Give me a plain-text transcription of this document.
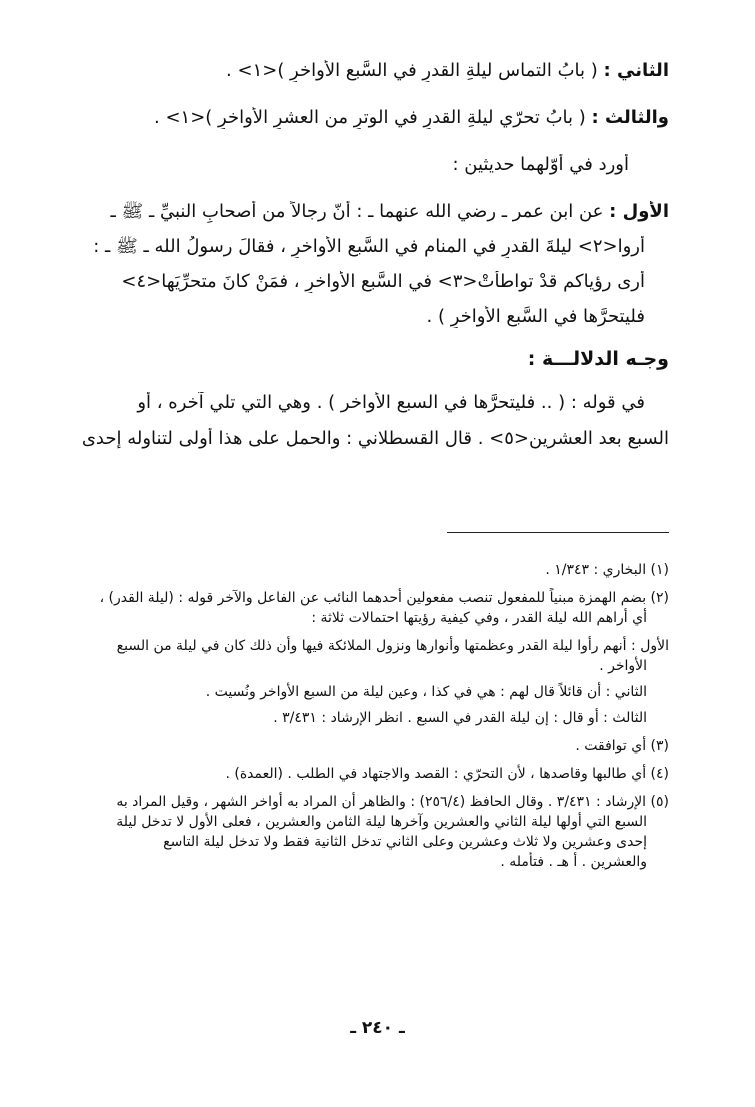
الثاني : ( بابُ التماسِ ليلةِ القدرِ في السَّبعِ الأواخرِ )<١> .
والثالث : ( بابُ تحرّي ليلةِ القدرِ في الوترِ من العشرِ الأواخرِ )<١> .
أورد في أوّلهما حديثين :
الأول : عن ابن عمر ـ رضي الله عنهما ـ : أنّ رجالاً من أصحابِ النبيِّ ـ ﷺ ـ
أُروا<٢> ليلةَ القدرِ في المنامِ في السَّبعِ الأواخرِ ، فقالَ رسولُ الله ـ ﷺ ـ :
أرى رؤياكم قدْ تواطأتْ<٣> في السَّبعِ الأواخرِ ، فمَنْ كانَ متحرِّيَها<٤>
فليتحرَّها في السَّبعِ الأواخرِ ) .
وجـه الدلالـــة :
في قوله : ( .. فليتحرَّها في السبع الأواخر ) . وهي التي تلي آخره ، أو
السبع بعد العشرين<٥> . قال القسطلاني : والحمل على هذا أولى لتناوله إحدى
(١) البخاري : ١/٣٤٣ .
(٢) بضم الهمزة مبنياً للمفعول تنصب مفعولين أحدهما النائب عن الفاعل والآخر قوله : (ليلة القدر) ،
أي أراهم الله ليلة القدر ، وفي كيفية رؤيتها احتمالات ثلاثة :
الأول : أنهم رأوا ليلة القدر وعظمتها وأنوارها ونزول الملائكة فيها وأن ذلك كان في ليلة من السبع
الأواخر .
الثاني : أن قائلاً قال لهم : هي في كذا ، وعين ليلة من السبع الأواخر ونُسيت .
الثالث : أو قال : إن ليلة القدر في السبع . انظر الإرشاد : ٣/٤٣١ .
(٣) أي توافقت .
(٤) أي طالبها وقاصدها ، لأن التحرّي : القصد والاجتهاد في الطلب . (العمدة) .
(٥) الإرشاد : ٣/٤٣١ . وقال الحافظ (٢٥٦/٤) : والظاهر أن المراد به أواخر الشهر ، وقيل المراد به
السبع التي أولها ليلة الثاني والعشرين وآخرها ليلة الثامن والعشرين ، فعلى الأول لا تدخل ليلة
إحدى وعشرين ولا ثلاث وعشرين وعلى الثاني تدخل الثانية فقط ولا تدخل ليلة التاسع
والعشرين . أ هـ . فتأمله .
ـ ٢٤٠ ـ
